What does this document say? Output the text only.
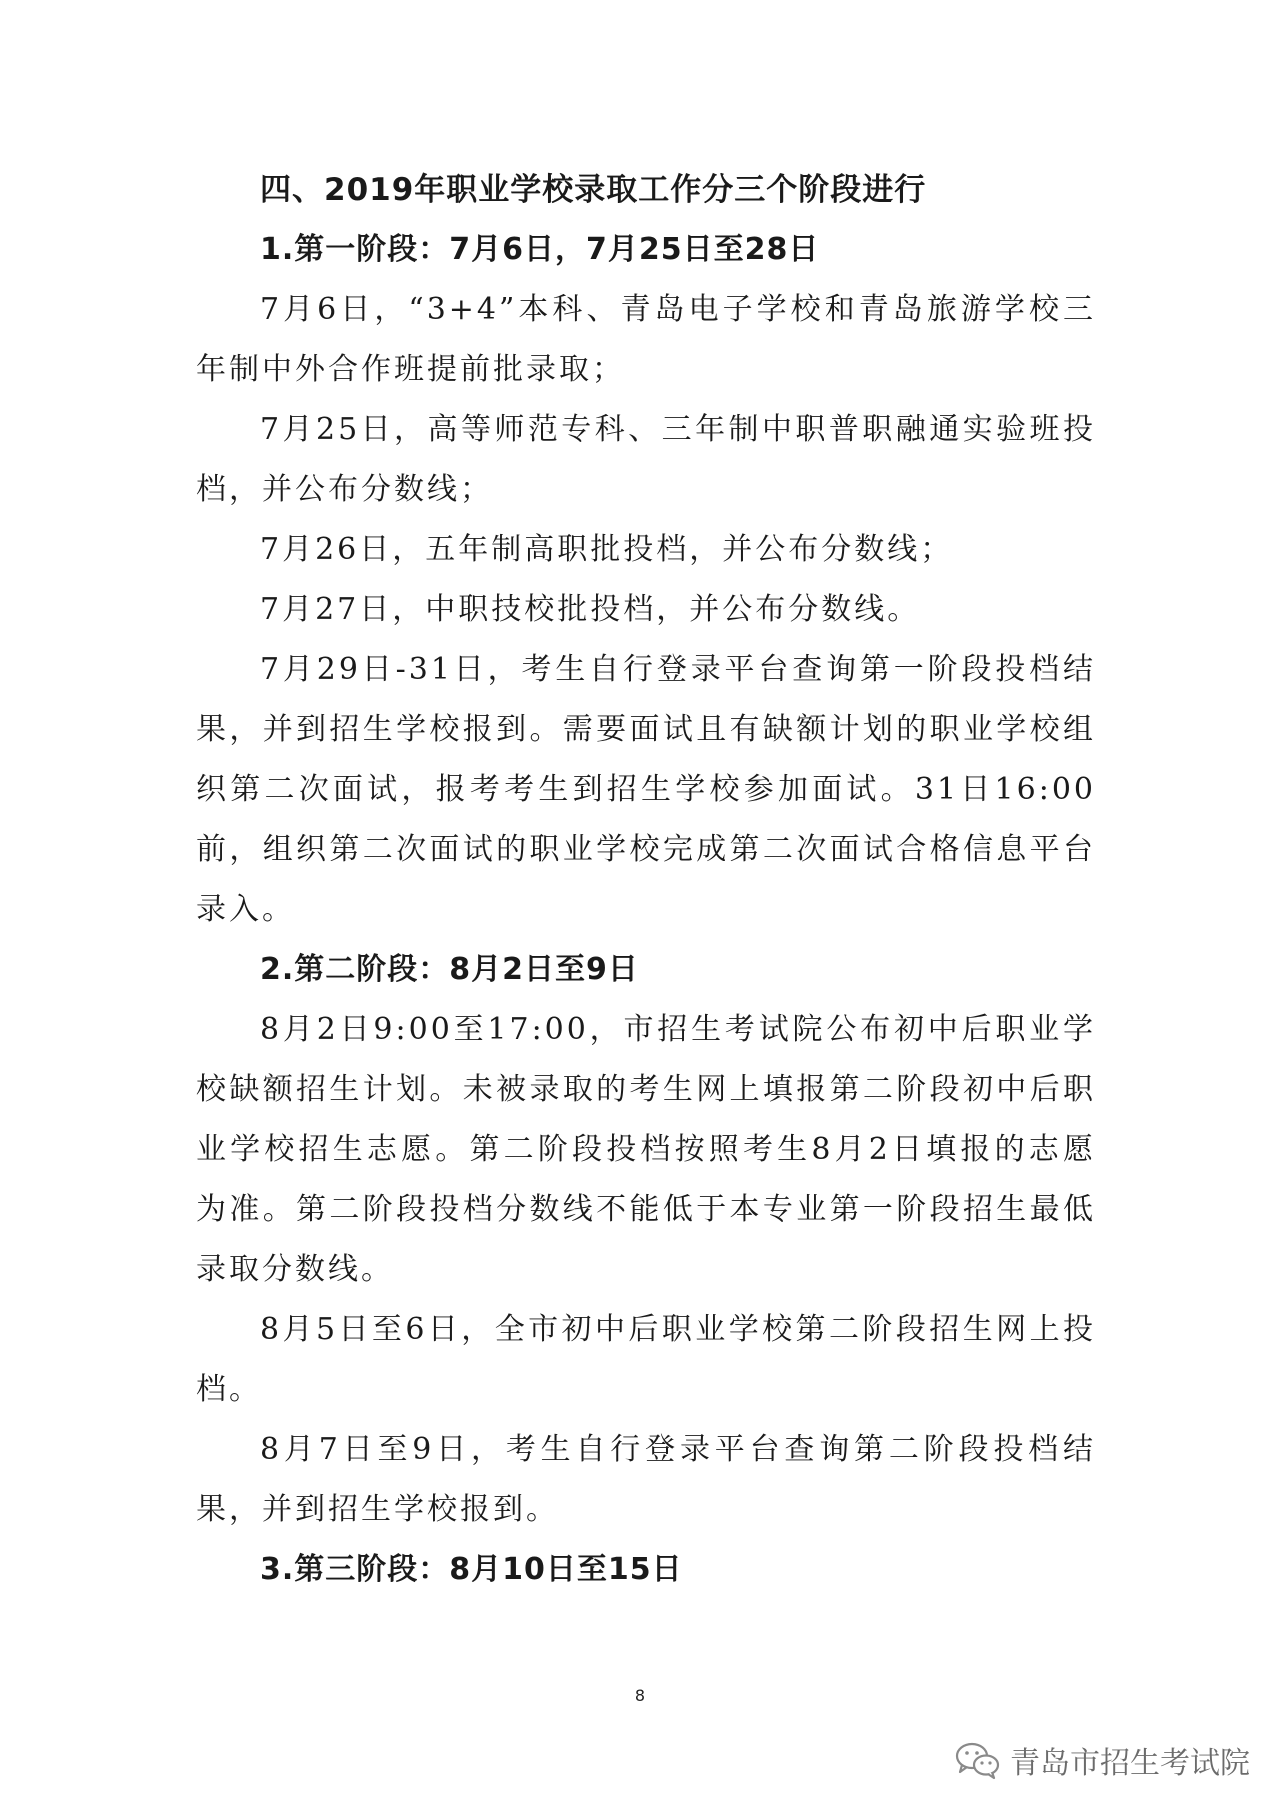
四、2019年职业学校录取工作分三个阶段进行

1.第一阶段：7月6日，7月25日至28日

7月6日，“3+4”本科、青岛电子学校和青岛旅游学校三年制中外合作班提前批录取；

7月25日，高等师范专科、三年制中职普职融通实验班投档，并公布分数线；

7月26日，五年制高职批投档，并公布分数线；

7月27日，中职技校批投档，并公布分数线。

7月29日-31日，考生自行登录平台查询第一阶段投档结果，并到招生学校报到。需要面试且有缺额计划的职业学校组织第二次面试，报考考生到招生学校参加面试。31日16:00前，组织第二次面试的职业学校完成第二次面试合格信息平台录入。

2.第二阶段：8月2日至9日

8月2日9:00至17:00，市招生考试院公布初中后职业学校缺额招生计划。未被录取的考生网上填报第二阶段初中后职业学校招生志愿。第二阶段投档按照考生8月2日填报的志愿为准。第二阶段投档分数线不能低于本专业第一阶段招生最低录取分数线。

8月5日至6日，全市初中后职业学校第二阶段招生网上投档。

8月7日至9日，考生自行登录平台查询第二阶段投档结果，并到招生学校报到。

3.第三阶段：8月10日至15日

8
青岛市招生考试院
